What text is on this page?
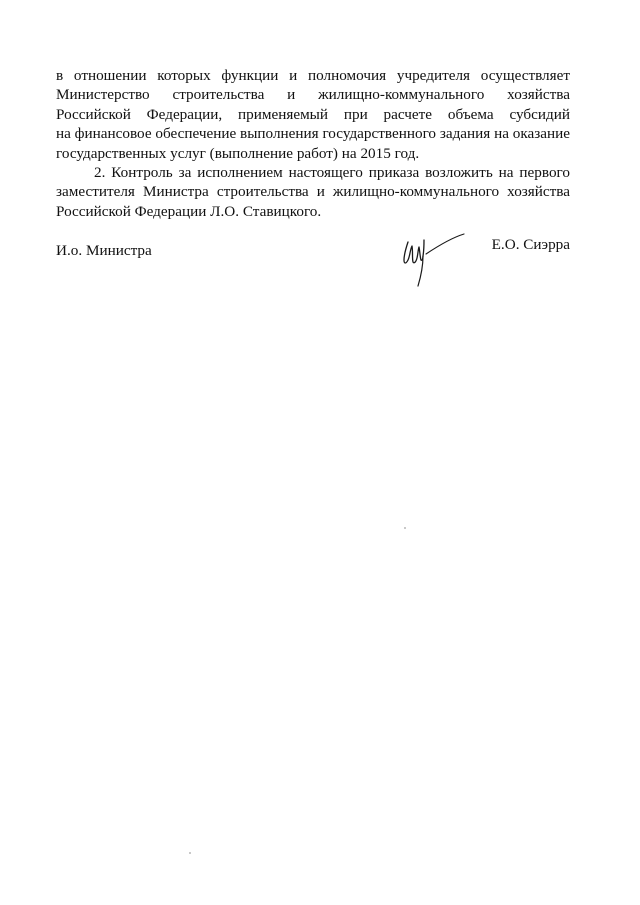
в отношении которых функции и полномочия учредителя осуществляет
Министерство строительства и жилищно-коммунального хозяйства
Российской Федерации, применяемый при расчете объема субсидий
на финансовое обеспечение выполнения государственного задания на оказание
государственных услуг (выполнение работ) на 2015 год.

2. Контроль за исполнением настоящего приказа возложить на первого
заместителя Министра строительства и жилищно-коммунального хозяйства
Российской Федерации Л.О. Ставицкого.

И.о. Министра	Е.О. Сиэрра
